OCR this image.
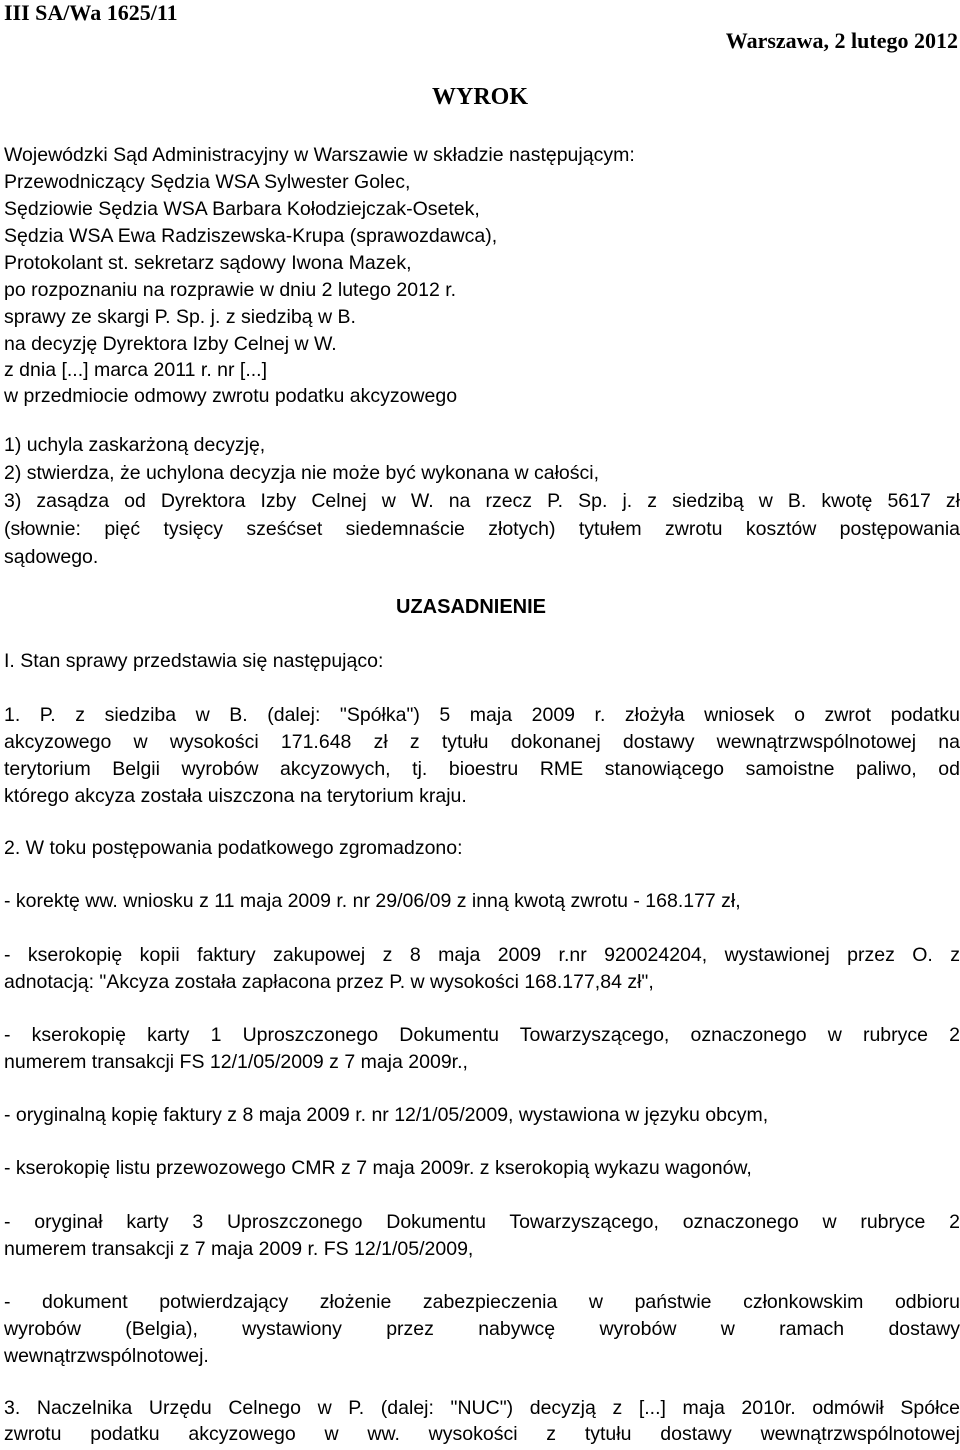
III SA/Wa 1625/11
Warszawa, 2 lutego 2012
WYROK
Wojewódzki Sąd Administracyjny w Warszawie w składzie następującym:
Przewodniczący Sędzia WSA Sylwester Golec,
Sędziowie Sędzia WSA Barbara Kołodziejczak-Osetek,
Sędzia WSA Ewa Radziszewska-Krupa (sprawozdawca),
Protokolant st. sekretarz sądowy Iwona Mazek,
po rozpoznaniu na rozprawie w dniu 2 lutego 2012 r.
sprawy ze skargi P. Sp. j. z siedzibą w B.
na decyzję Dyrektora Izby Celnej w W.
z dnia [...] marca 2011 r. nr [...]
w przedmiocie odmowy zwrotu podatku akcyzowego
1) uchyla zaskarżoną decyzję,
2) stwierdza, że uchylona decyzja nie może być wykonana w całości,
3) zasądza od Dyrektora Izby Celnej w W. na rzecz P. Sp. j. z siedzibą w B. kwotę 5617 zł
(słownie: pięć tysięcy sześćset siedemnaście złotych) tytułem zwrotu kosztów postępowania
sądowego.
UZASADNIENIE
I. Stan sprawy przedstawia się następująco:
1. P. z siedziba w B. (dalej: "Spółka") 5 maja 2009 r. złożyła wniosek o zwrot podatku
akcyzowego w wysokości 171.648 zł z tytułu dokonanej dostawy wewnątrzwspólnotowej na
terytorium Belgii wyrobów akcyzowych, tj. bioestru RME stanowiącego samoistne paliwo, od
którego akcyza została uiszczona na terytorium kraju.
2. W toku postępowania podatkowego zgromadzono:
- korektę ww. wniosku z 11 maja 2009 r. nr 29/06/09 z inną kwotą zwrotu - 168.177 zł,
- kserokopię kopii faktury zakupowej z 8 maja 2009 r.nr 920024204, wystawionej przez O. z
adnotacją: "Akcyza została zapłacona przez P. w wysokości 168.177,84 zł",
- kserokopię karty 1 Uproszczonego Dokumentu Towarzyszącego, oznaczonego w rubryce 2
numerem transakcji FS 12/1/05/2009 z 7 maja 2009r.,
- oryginalną kopię faktury z 8 maja 2009 r. nr 12/1/05/2009, wystawiona w języku obcym,
- kserokopię listu przewozowego CMR z 7 maja 2009r. z kserokopią wykazu wagonów,
- oryginał karty 3 Uproszczonego Dokumentu Towarzyszącego, oznaczonego w rubryce 2
numerem transakcji z 7 maja 2009 r. FS 12/1/05/2009,
- dokument potwierdzający złożenie zabezpieczenia w państwie członkowskim odbioru
wyrobów (Belgia), wystawiony przez nabywcę wyrobów w ramach dostawy
wewnątrzwspólnotowej.
3. Naczelnika Urzędu Celnego w P. (dalej: "NUC") decyzją z [...] maja 2010r. odmówił Spółce
zwrotu podatku akcyzowego w ww. wysokości z tytułu dostawy wewnątrzwspólnotowej
